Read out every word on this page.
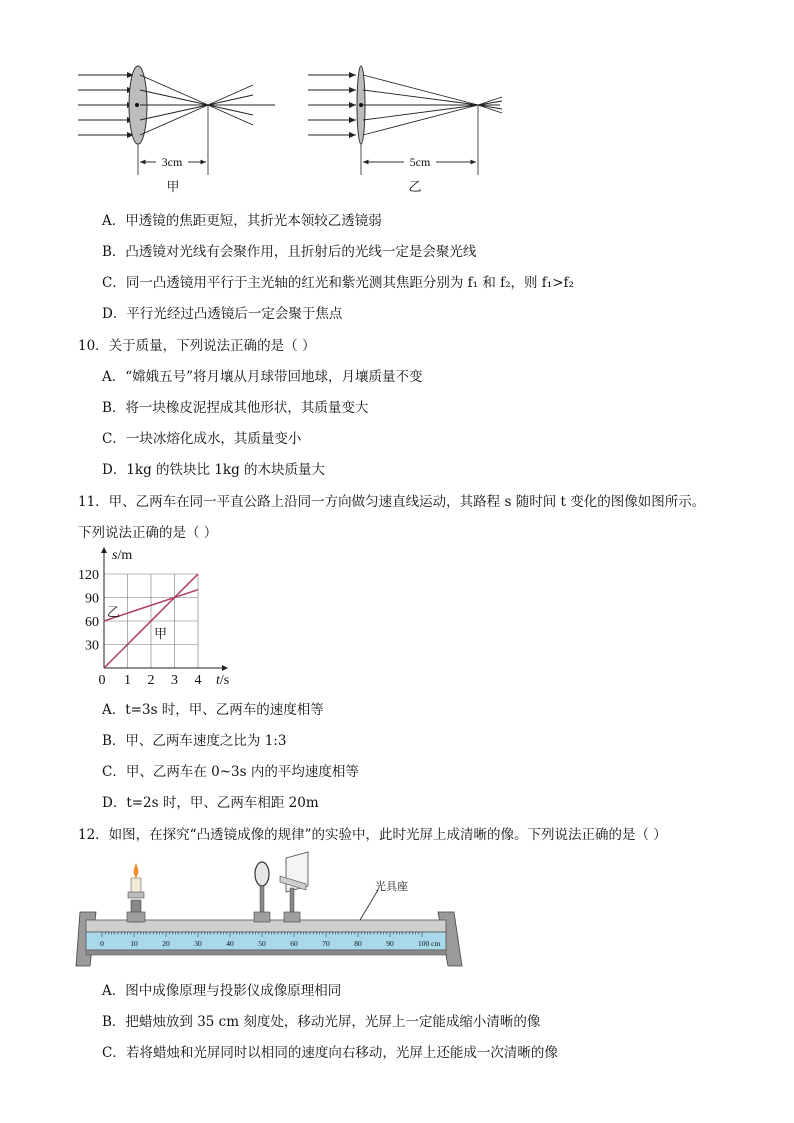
3cm
甲
5cm
乙
A．甲透镜的焦距更短，其折光本领较乙透镜弱
B．凸透镜对光线有会聚作用，且折射后的光线一定是会聚光线
C．同一凸透镜用平行于主光轴的红光和紫光测其焦距分别为 f₁ 和 f₂，则 f₁>f₂
D．平行光经过凸透镜后一定会聚于焦点
10．关于质量，下列说法正确的是（ ）
A．“嫦娥五号”将月壤从月球带回地球，月壤质量不变
B．将一块橡皮泥捏成其他形状，其质量变大
C．一块冰熔化成水，其质量变小
D．1kg 的铁块比 1kg 的木块质量大
11．甲、乙两车在同一平直公路上沿同一方向做匀速直线运动，其路程 s 随时间 t 变化的图像如图所示。
下列说法正确的是（ ）
0 1 2 3 4
30
60
90
120
t/s
s/m
甲
乙
A．t=3s 时，甲、乙两车的速度相等
B．甲、乙两车速度之比为 1:3
C．甲、乙两车在 0~3s 内的平均速度相等
D．t=2s 时，甲、乙两车相距 20m
12．如图，在探究“凸透镜成像的规律”的实验中，此时光屏上成清晰的像。下列说法正确的是（ ）
0	10	20	30	40	50	60	70	80	90	100 cm
光具座
A．图中成像原理与投影仪成像原理相同
B．把蜡烛放到 35 cm 刻度处，移动光屏，光屏上一定能成缩小清晰的像
C．若将蜡烛和光屏同时以相同的速度向右移动，光屏上还能成一次清晰的像
